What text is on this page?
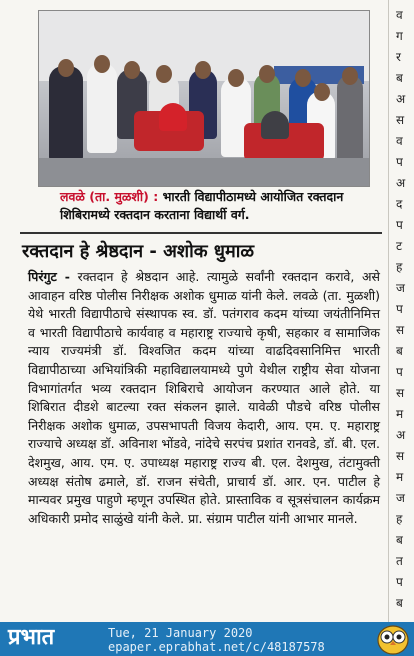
लवळे (ता. मुळशी) : भारती विद्यापीठामध्ये आयोजित रक्तदान शिबिरामध्ये रक्तदान करताना विद्यार्थी वर्ग.
रक्तदान हे श्रेष्ठदान - अशोक धुमाळ
पिरंगुट - रक्तदान हे श्रेष्ठदान आहे. त्यामुळे सर्वांनी रक्तदान करावे, असे आवाहन वरिष्ठ पोलीस निरीक्षक अशोक धुमाळ यांनी केले. लवळे (ता. मुळशी) येथे भारती विद्यापीठाचे संस्थापक स्व. डॉ. पतंगराव कदम यांच्या जयंतीनिमित्त व भारती विद्यापीठाचे कार्यवाह व महाराष्ट्र राज्याचे कृषी, सहकार व सामाजिक न्याय राज्यमंत्री डॉ. विश्वजित कदम यांच्या वाढदिवसानिमित्त भारती विद्यापीठाच्या अभियांत्रिकी महाविद्यालयामध्ये पुणे येथील राष्ट्रीय सेवा योजना विभागांतर्गत भव्य रक्तदान शिबिराचे आयोजन करण्यात आले होते. या शिबिरात दीडशे बाटल्या रक्त संकलन झाले. यावेळी पौडचे वरिष्ठ पोलीस निरीक्षक अशोक धुमाळ, उपसभापती विजय केदारी, आय. एम. ए. महाराष्ट्र राज्याचे अध्यक्ष डॉ. अविनाश भोंडवे, नांदेचे सरपंच प्रशांत रानवडे, डॉ. बी. एल. देशमुख, आय. एम. ए. उपाध्यक्ष महाराष्ट्र राज्य बी. एल. देशमुख, तंटामुक्ती अध्यक्ष संतोष ढमाले, डॉ. राजन संचेती, प्राचार्य डॉ. आर. एन. पाटील हे मान्यवर प्रमुख पाहुणे म्हणून उपस्थित होते. प्रास्ताविक व सूत्रसंचालन कार्यक्रम अधिकारी प्रमोद साळुंखे यांनी केले. प्रा. संग्राम पाटील यांनी आभार मानले.
व
ग
र
ब
अ
स
व
प
अ
द
प
ट
ह
ज
प
स
ब
प
स
म
अ
स
म
ज
ह
ब
त
प
ब
प्रभात	Tue, 21 January 2020
epaper.eprabhat.net/c/48187578
